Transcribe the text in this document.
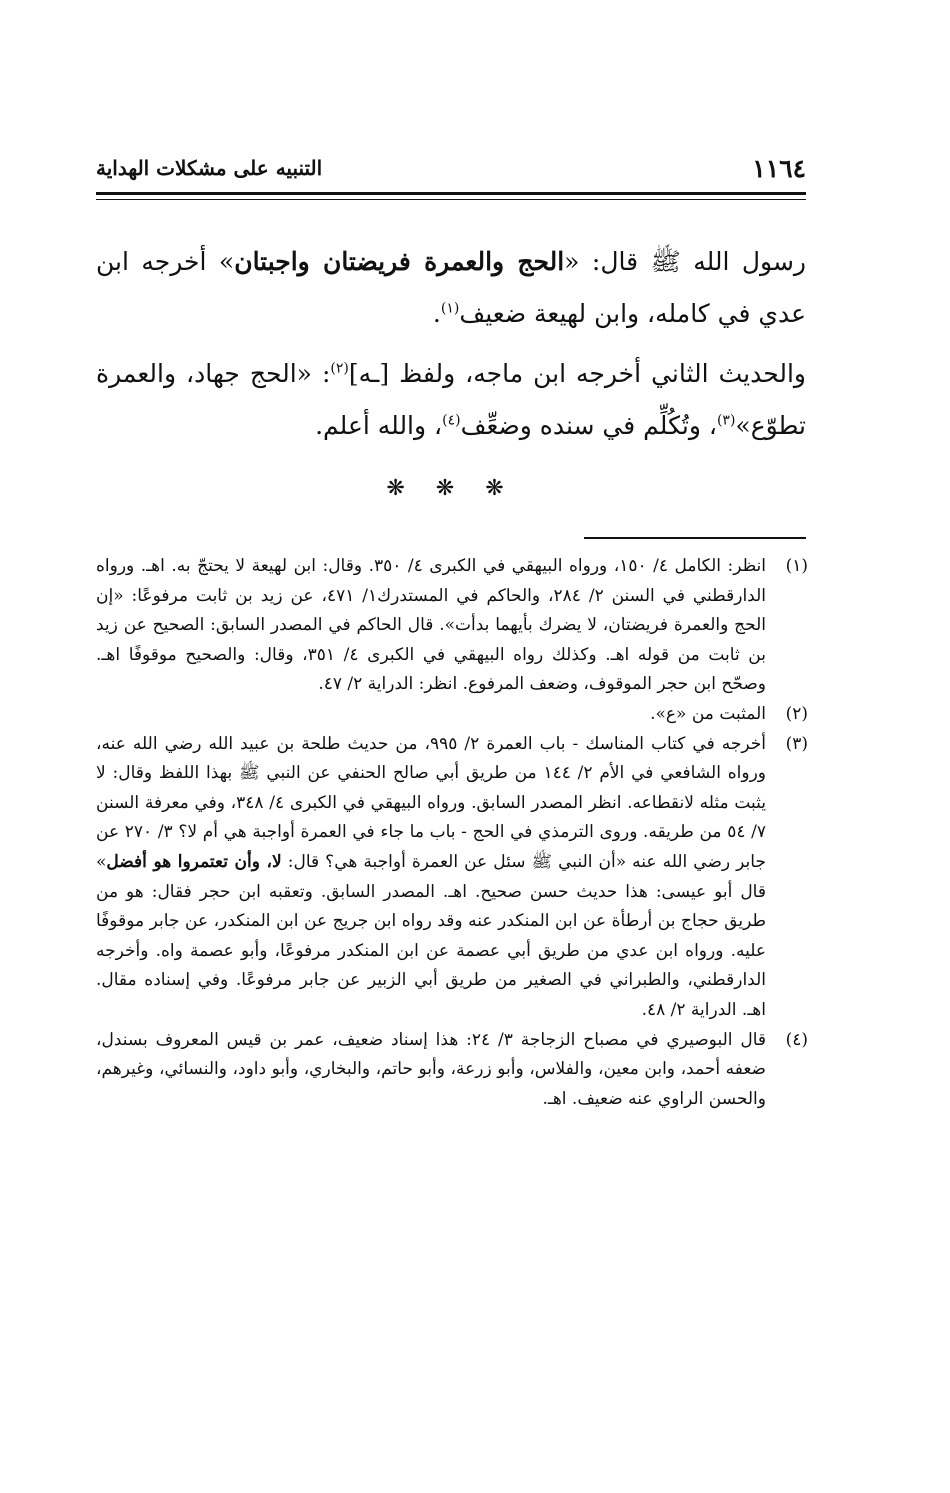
١١٦٤
التنبيه على مشكلات الهداية

رسول الله ﷺ قال: «الحج والعمرة فريضتان واجبتان» أخرجه ابن عدي في كامله، وابن لهيعة ضعيف$^{(١)}$.

والحديث الثاني أخرجه ابن ماجه، ولفظ [ـه]$^{(٢)}$: «الحج جهاد، والعمرة تطوّع»$^{(٣)}$، وتُكُلِّم في سنده وضعِّف$^{(٤)}$، والله أعلم.

❋ ❋ ❋
(١)
انظر: الكامل ٤/ ١٥٠، ورواه البيهقي في الكبرى ٤/ ٣٥٠. وقال: ابن لهيعة لا يحتجّ به. اهـ. ورواه الدارقطني في السنن ٢/ ٢٨٤، والحاكم في المستدرك١/ ٤٧١، عن زيد بن ثابت مرفوعًا: «إن الحج والعمرة فريضتان، لا يضرك بأيهما بدأت». قال الحاكم في المصدر السابق: الصحيح عن زيد بن ثابت من قوله اهـ. وكذلك رواه البيهقي في الكبرى ٤/ ٣٥١، وقال: والصحيح موقوفًا اهـ. وصحّح ابن حجر الموقوف، وضعف المرفوع. انظر: الدراية ٢/ ٤٧.
(٢)
المثبت من «ع».
(٣)
أخرجه في كتاب المناسك - باب العمرة ٢/ ٩٩٥، من حديث طلحة بن عبيد الله رضي الله عنه، ورواه الشافعي في الأم ٢/ ١٤٤ من طريق أبي صالح الحنفي عن النبي ﷺ بهذا اللفظ وقال: لا يثبت مثله لانقطاعه. انظر المصدر السابق. ورواه البيهقي في الكبرى ٤/ ٣٤٨، وفي معرفة السنن ٧/ ٥٤ من طريقه. وروى الترمذي في الحج - باب ما جاء في العمرة أواجبة هي أم لا؟ ٣/ ٢٧٠ عن جابر رضي الله عنه «أن النبي ﷺ سئل عن العمرة أواجبة هي؟ قال: لا، وأن تعتمروا هو أفضل» قال أبو عيسى: هذا حديث حسن صحيح. اهـ. المصدر السابق. وتعقبه ابن حجر فقال: هو من طريق حجاج بن أرطأة عن ابن المنكدر عنه وقد رواه ابن جريج عن ابن المنكدر، عن جابر موقوفًا عليه. ورواه ابن عدي من طريق أبي عصمة عن ابن المنكدر مرفوعًا، وأبو عصمة واه. وأخرجه الدارقطني، والطبراني في الصغير من طريق أبي الزبير عن جابر مرفوعًا. وفي إسناده مقال. اهـ. الدراية ٢/ ٤٨.
(٤)
قال البوصيري في مصباح الزجاجة ٣/ ٢٤: هذا إسناد ضعيف، عمر بن قيس المعروف بسندل، ضعفه أحمد، وابن معين، والفلاس، وأبو زرعة، وأبو حاتم، والبخاري، وأبو داود، والنسائي، وغيرهم، والحسن الراوي عنه ضعيف. اهـ.
